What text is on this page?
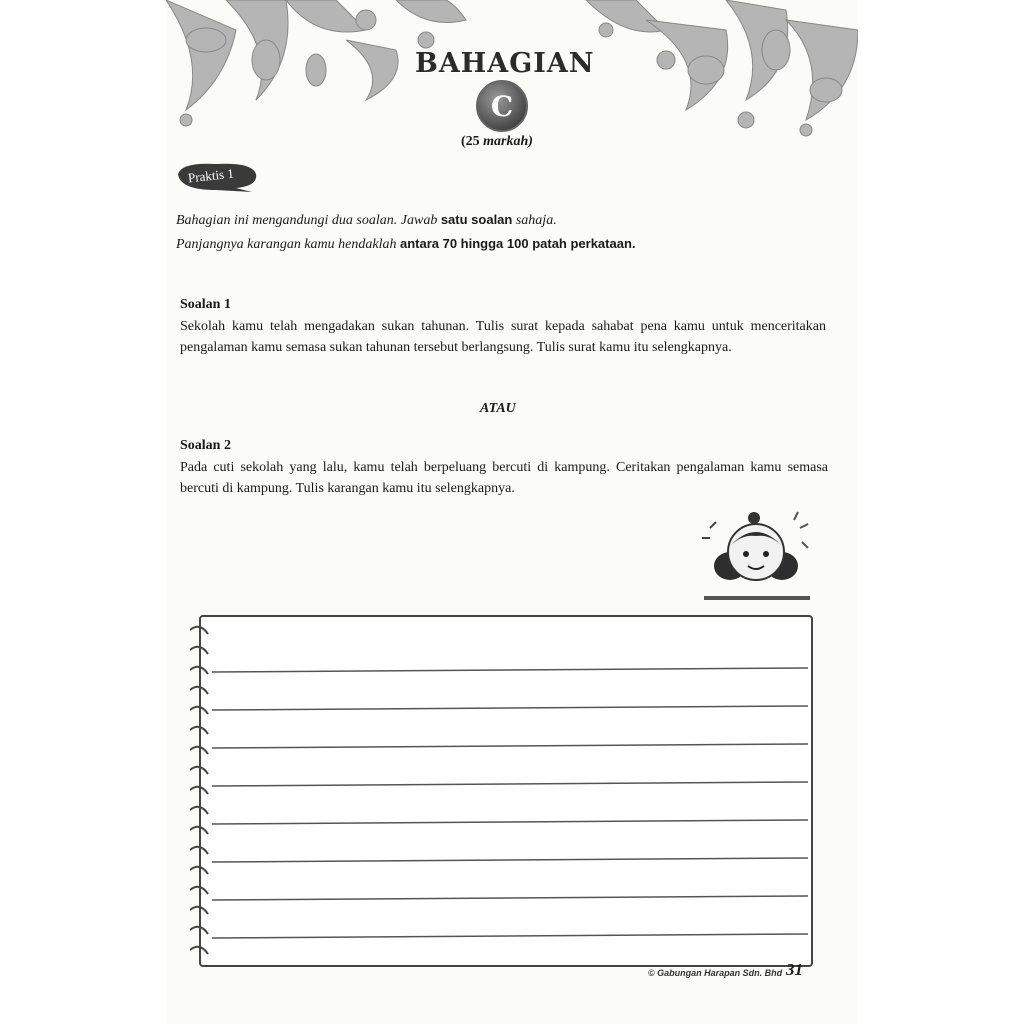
BAHAGIAN
C
(25 markah)
Praktis 1
Bahagian ini mengandungi dua soalan. Jawab satu soalan sahaja.
Panjangnya karangan kamu hendaklah antara 70 hingga 100 patah perkataan.
Soalan 1
Sekolah kamu telah mengadakan sukan tahunan. Tulis surat kepada sahabat pena kamu untuk menceritakan pengalaman kamu semasa sukan tahunan tersebut berlangsung. Tulis surat kamu itu selengkapnya.
ATAU
Soalan 2
Pada cuti sekolah yang lalu, kamu telah berpeluang bercuti di kampung. Ceritakan pengalaman kamu semasa bercuti di kampung. Tulis karangan kamu itu selengkapnya.
© Gabungan Harapan Sdn. Bhd 31
